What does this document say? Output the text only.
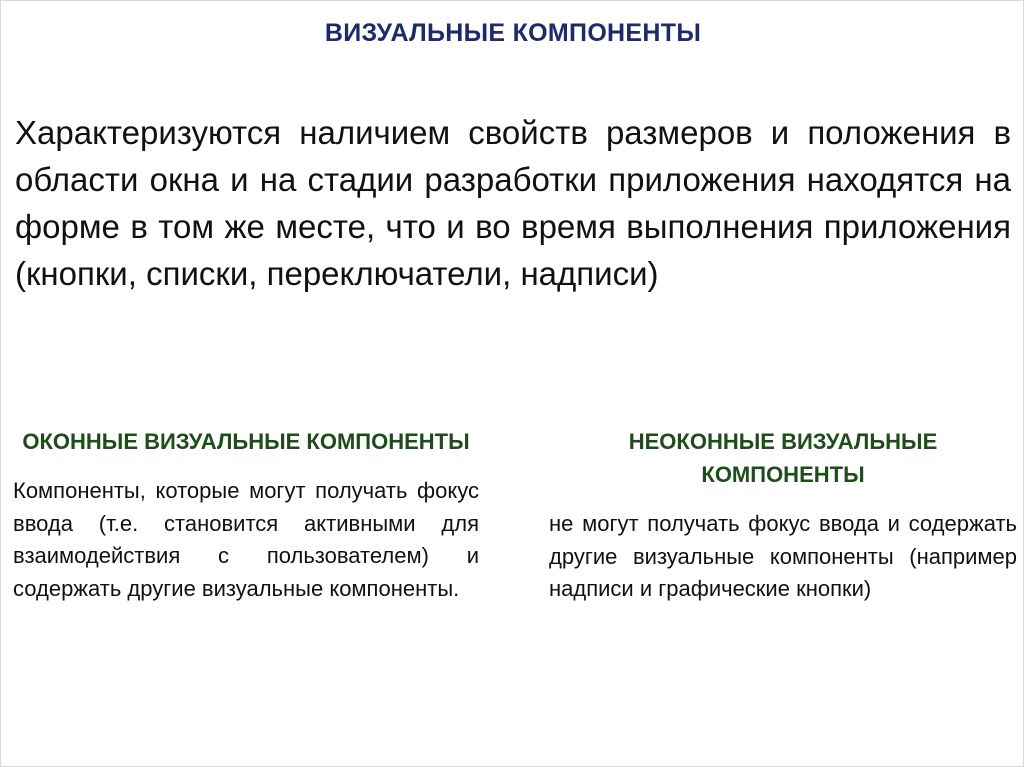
ВИЗУАЛЬНЫЕ КОМПОНЕНТЫ
Характеризуются наличием свойств размеров и положения в области окна и на стадии разработки приложения находятся на форме в том же месте, что и во время выполнения приложения (кнопки, списки, переключатели, надписи)
ОКОННЫЕ ВИЗУАЛЬНЫЕ КОМПОНЕНТЫ

Компоненты, которые могут получать фокус ввода (т.е. становится активными для взаимодействия с пользователем) и содержать другие визуальные компоненты.

НЕОКОННЫЕ ВИЗУАЛЬНЫЕ КОМПОНЕНТЫ

не могут получать фокус ввода и содержать другие визуальные компоненты (например надписи и графические кнопки)
